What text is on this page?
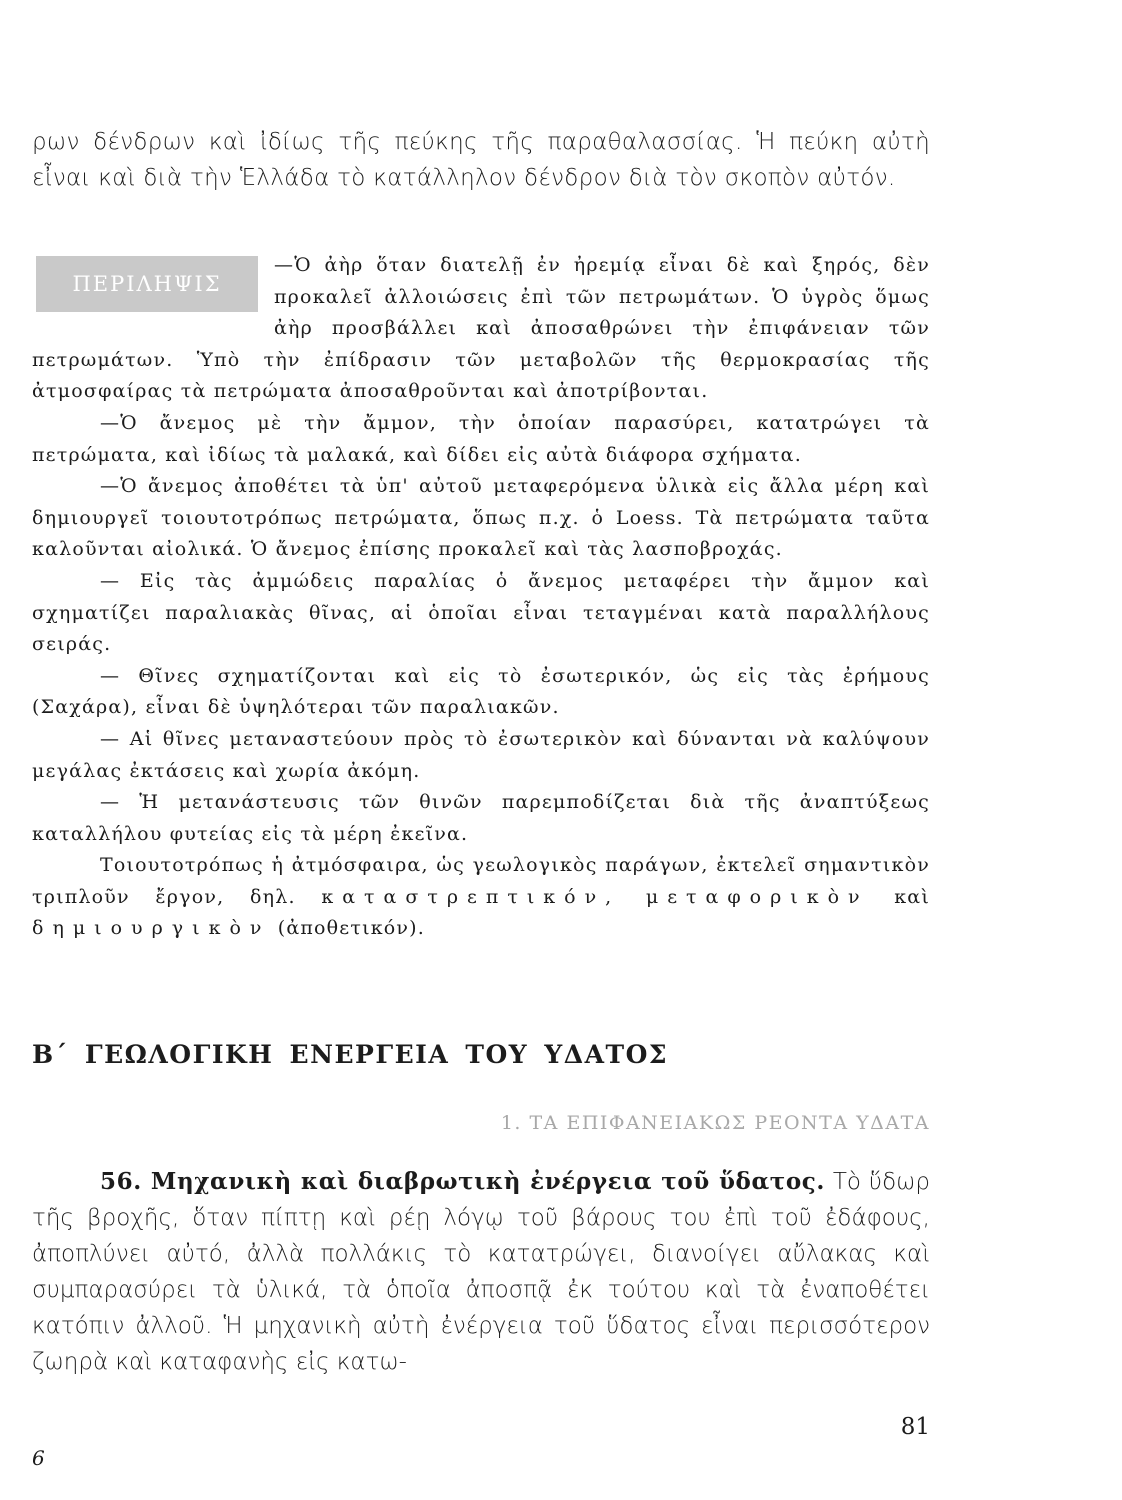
ρων δένδρων καὶ ἰδίως τῆς πεύκης τῆς παραθαλασσίας. Ἡ πεύκη αὐτὴ εἶναι καὶ διὰ τὴν Ἑλλάδα τὸ κατάλληλον δένδρον διὰ τὸν σκοπὸν αὐτόν.
ΠΕΡΙΛΗΨΙΣ

—Ὁ ἀὴρ ὅταν διατελῇ ἐν ἠρεμίᾳ εἶναι δὲ καὶ ξηρός, δὲν προκαλεῖ ἀλλοιώσεις ἐπὶ τῶν πετρωμάτων. Ὁ ὑγρὸς ὅμως ἀὴρ προσβάλλει καὶ ἀποσαθρώνει τὴν ἐπιφάνειαν τῶν πετρωμάτων. Ὑπὸ τὴν ἐπίδρασιν τῶν μεταβολῶν τῆς θερμοκρασίας τῆς ἀτμοσφαίρας τὰ πετρώματα ἀποσαθροῦνται καὶ ἀποτρίβονται.

—Ὁ ἄνεμος μὲ τὴν ἄμμον, τὴν ὁποίαν παρασύρει, κατατρώγει τὰ πετρώματα, καὶ ἰδίως τὰ μαλακά, καὶ δίδει εἰς αὐτὰ διάφορα σχήματα.

—Ὁ ἄνεμος ἀποθέτει τὰ ὑπ' αὐτοῦ μεταφερόμενα ὑλικὰ εἰς ἄλλα μέρη καὶ δημιουργεῖ τοιουτοτρόπως πετρώματα, ὅπως π.χ. ὁ Loess. Τὰ πετρώματα ταῦτα καλοῦνται αἰολικά. Ὁ ἄνεμος ἐπίσης προκαλεῖ καὶ τὰς λασποβροχάς.

— Εἰς τὰς ἀμμώδεις παραλίας ὁ ἄνεμος μεταφέρει τὴν ἄμμον καὶ σχηματίζει παραλιακὰς θῖνας, αἱ ὁποῖαι εἶναι τεταγμέναι κατὰ παραλλήλους σειράς.

— Θῖνες σχηματίζονται καὶ εἰς τὸ ἐσωτερικόν, ὡς εἰς τὰς ἐρήμους (Σαχάρα), εἶναι δὲ ὑψηλότεραι τῶν παραλιακῶν.

— Αἱ θῖνες μεταναστεύουν πρὸς τὸ ἐσωτερικὸν καὶ δύνανται νὰ καλύψουν μεγάλας ἐκτάσεις καὶ χωρία ἀκόμη.

— Ἡ μετανάστευσις τῶν θινῶν παρεμποδίζεται διὰ τῆς ἀναπτύξεως καταλλήλου φυτείας εἰς τὰ μέρη ἐκεῖνα.

Τοιουτοτρόπως ἡ ἀτμόσφαιρα, ὡς γεωλογικὸς παράγων, ἐκτελεῖ σημαντικὸν τριπλοῦν ἔργον, δηλ. καταστρεπτικόν, μεταφορικὸν καὶ δημιουργικὸν (ἀποθετικόν).

Β΄ ΓΕΩΛΟΓΙΚΗ ΕΝΕΡΓΕΙΑ ΤΟΥ ΥΔΑΤΟΣ
1. ΤΑ ΕΠΙΦΑΝΕΙΑΚΩΣ ΡΕΟΝΤΑ ΥΔΑΤΑ
56. Μηχανικὴ καὶ διαβρωτικὴ ἐνέργεια τοῦ ὕδατος. Τὸ ὕδωρ τῆς βροχῆς, ὅταν πίπτῃ καὶ ρέῃ λόγῳ τοῦ βάρους του ἐπὶ τοῦ ἐδάφους, ἀποπλύνει αὐτό, ἀλλὰ πολλάκις τὸ κατατρώγει, διανοίγει αὔλακας καὶ συμπαρασύρει τὰ ὑλικά, τὰ ὁποῖα ἀποσπᾷ ἐκ τούτου καὶ τὰ ἐναποθέτει κατόπιν ἀλλοῦ. Ἡ μηχανικὴ αὐτὴ ἐνέργεια τοῦ ὕδατος εἶναι περισσότερον ζωηρὰ καὶ καταφανὴς εἰς κατω-
6
81
